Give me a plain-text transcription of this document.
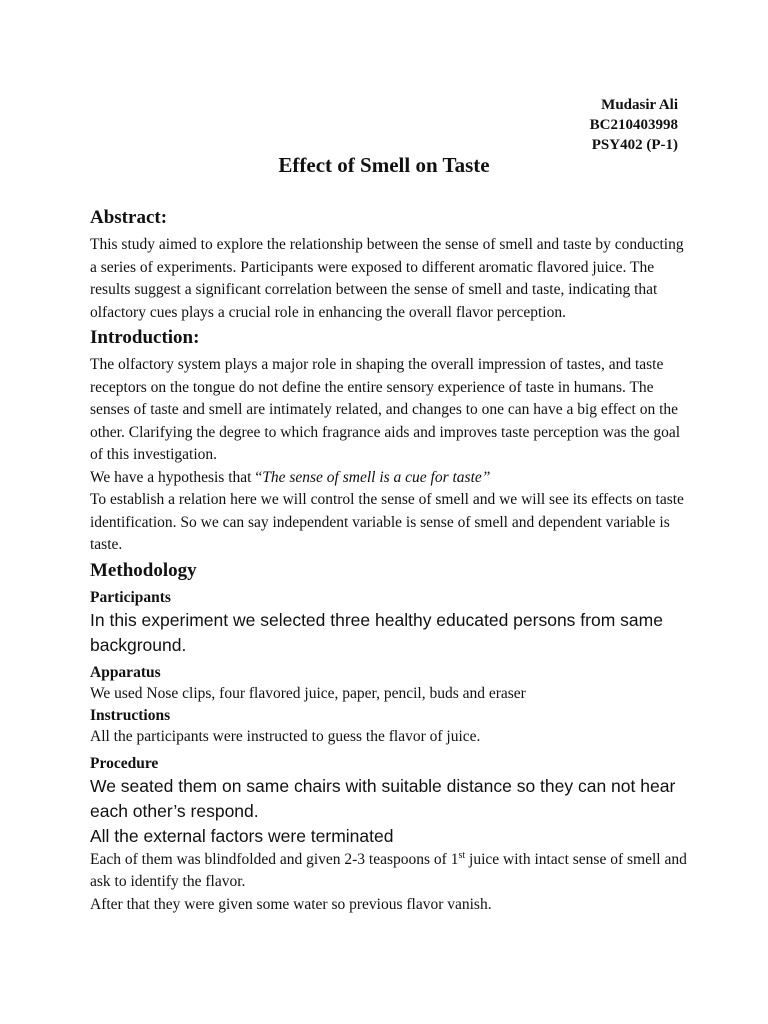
Mudasir Ali
BC210403998
PSY402 (P-1)
Effect of Smell on Taste
Abstract:

This study aimed to explore the relationship between the sense of smell and taste by conducting a series of experiments. Participants were exposed to different aromatic flavored juice. The results suggest a significant correlation between the sense of smell and taste, indicating that olfactory cues plays a crucial role in enhancing the overall flavor perception.

Introduction:

The olfactory system plays a major role in shaping the overall impression of tastes, and taste receptors on the tongue do not define the entire sensory experience of taste in humans. The senses of taste and smell are intimately related, and changes to one can have a big effect on the other. Clarifying the degree to which fragrance aids and improves taste perception was the goal of this investigation.

We have a hypothesis that “The sense of smell is a cue for taste”

To establish a relation here we will control the sense of smell and we will see its effects on taste identification. So we can say independent variable is sense of smell and dependent variable is taste.

Methodology
Participants

In this experiment we selected three healthy educated persons from same background.

Apparatus

We used Nose clips, four flavored juice, paper, pencil, buds and eraser

Instructions

All the participants were instructed to guess the flavor of juice.

Procedure

We seated them on same chairs with suitable distance so they can not hear each other’s respond.

All the external factors were terminated

Each of them was blindfolded and given 2-3 teaspoons of 1st juice with intact sense of smell and ask to identify the flavor.

After that they were given some water so previous flavor vanish.
